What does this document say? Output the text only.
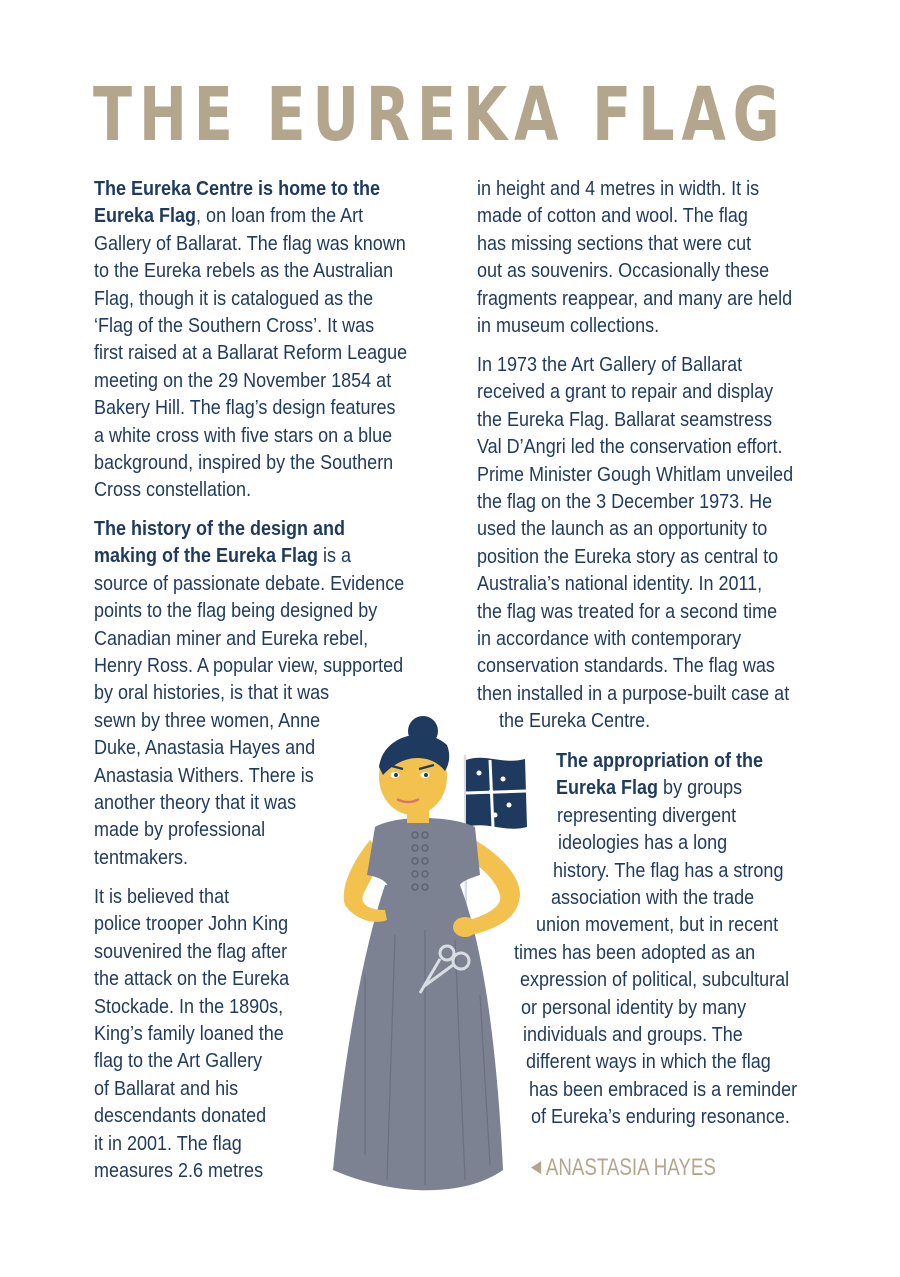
THE EUREKA FLAG
The Eureka Centre is home to the
Eureka Flag, on loan from the Art
Gallery of Ballarat. The flag was known
to the Eureka rebels as the Australian
Flag, though it is catalogued as the
‘Flag of the Southern Cross’. It was
first raised at a Ballarat Reform League
meeting on the 29 November 1854 at
Bakery Hill. The flag’s design features
a white cross with five stars on a blue
background, inspired by the Southern
Cross constellation.
The history of the design and
making of the Eureka Flag is a
source of passionate debate. Evidence
points to the flag being designed by
Canadian miner and Eureka rebel,
Henry Ross. A popular view, supported
by oral histories, is that it was
sewn by three women, Anne
Duke, Anastasia Hayes and
Anastasia Withers. There is
another theory that it was
made by professional
tentmakers.
It is believed that
police trooper John King
souvenired the flag after
the attack on the Eureka
Stockade. In the 1890s,
King’s family loaned the
flag to the Art Gallery
of Ballarat and his
descendants donated
it in 2001. The flag
measures 2.6 metres
in height and 4 metres in width. It is
made of cotton and wool. The flag
has missing sections that were cut
out as souvenirs. Occasionally these
fragments reappear, and many are held
in museum collections.
In 1973 the Art Gallery of Ballarat
received a grant to repair and display
the Eureka Flag. Ballarat seamstress
Val D’Angri led the conservation effort.
Prime Minister Gough Whitlam unveiled
the flag on the 3 December 1973. He
used the launch as an opportunity to
position the Eureka story as central to
Australia’s national identity. In 2011,
the flag was treated for a second time
in accordance with contemporary
conservation standards. The flag was
then installed in a purpose-built case at
the Eureka Centre.
The appropriation of the
Eureka Flag by groups
representing divergent
ideologies has a long
history. The flag has a strong
association with the trade
union movement, but in recent
times has been adopted as an
expression of political, subcultural
or personal identity by many
individuals and groups. The
different ways in which the flag
has been embraced is a reminder
of Eureka’s enduring resonance.
◀ ANASTASIA HAYES
